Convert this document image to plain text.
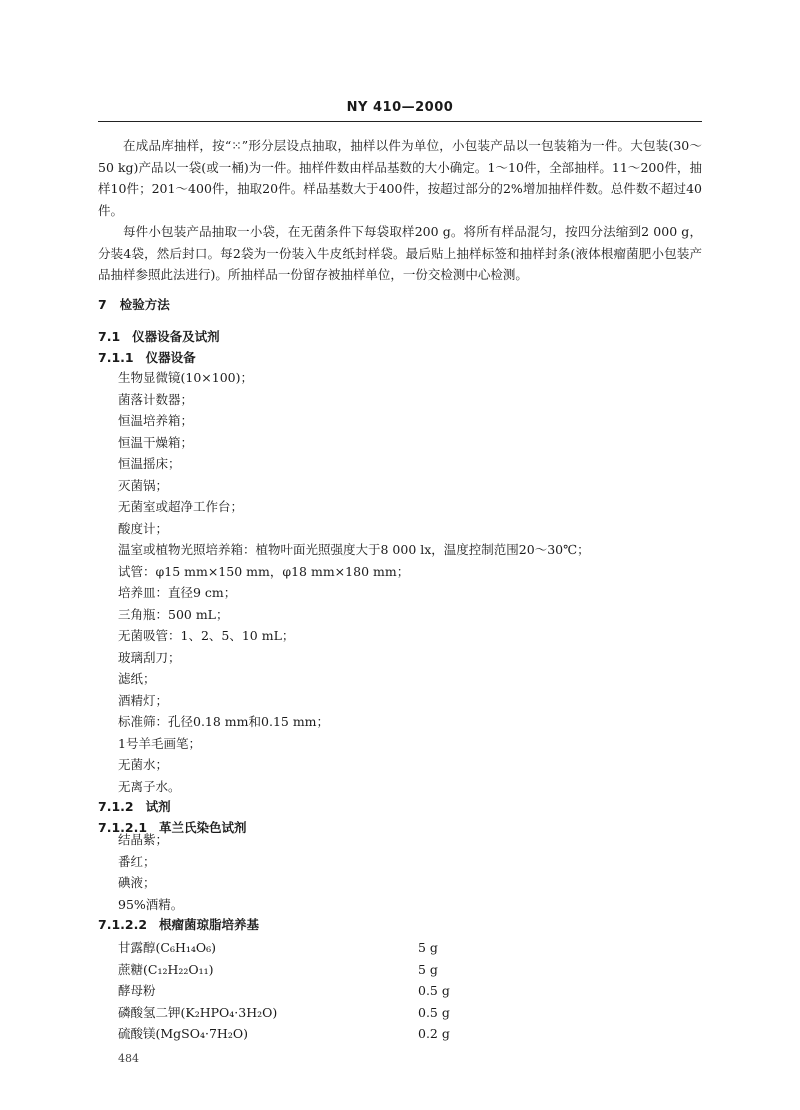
NY 410—2000
在成品库抽样，按“⁙”形分层设点抽取，抽样以件为单位，小包装产品以一包装箱为一件。大包装(30～50 kg)产品以一袋(或一桶)为一件。抽样件数由样品基数的大小确定。1～10件，全部抽样。11～200件，抽样10件；201～400件，抽取20件。样品基数大于400件，按超过部分的2%增加抽样件数。总件数不超过40件。
每件小包装产品抽取一小袋，在无菌条件下每袋取样200 g。将所有样品混匀，按四分法缩到2 000 g，分装4袋，然后封口。每2袋为一份装入牛皮纸封样袋。最后贴上抽样标签和抽样封条(液体根瘤菌肥小包装产品抽样参照此法进行)。所抽样品一份留存被抽样单位，一份交检测中心检测。
7 检验方法
7.1 仪器设备及试剂
7.1.1 仪器设备
生物显微镜(10×100)；
菌落计数器；
恒温培养箱；
恒温干燥箱；
恒温摇床；
灭菌锅；
无菌室或超净工作台；
酸度计；
温室或植物光照培养箱：植物叶面光照强度大于8 000 lx，温度控制范围20～30℃；
试管：φ15 mm×150 mm，φ18 mm×180 mm；
培养皿：直径9 cm；
三角瓶：500 mL；
无菌吸管：1、2、5、10 mL；
玻璃刮刀；
滤纸；
酒精灯；
标准筛：孔径0.18 mm和0.15 mm；
1号羊毛画笔；
无菌水；
无离子水。
7.1.2 试剂
7.1.2.1 革兰氏染色试剂
结晶紫；
番红；
碘液；
95%酒精。
7.1.2.2 根瘤菌琼脂培养基
甘露醇(C₆H₁₄O₆)	5 g
蔗糖(C₁₂H₂₂O₁₁)	5 g
酵母粉	0.5 g
磷酸氢二钾(K₂HPO₄·3H₂O)	0.5 g
硫酸镁(MgSO₄·7H₂O)	0.2 g
484
